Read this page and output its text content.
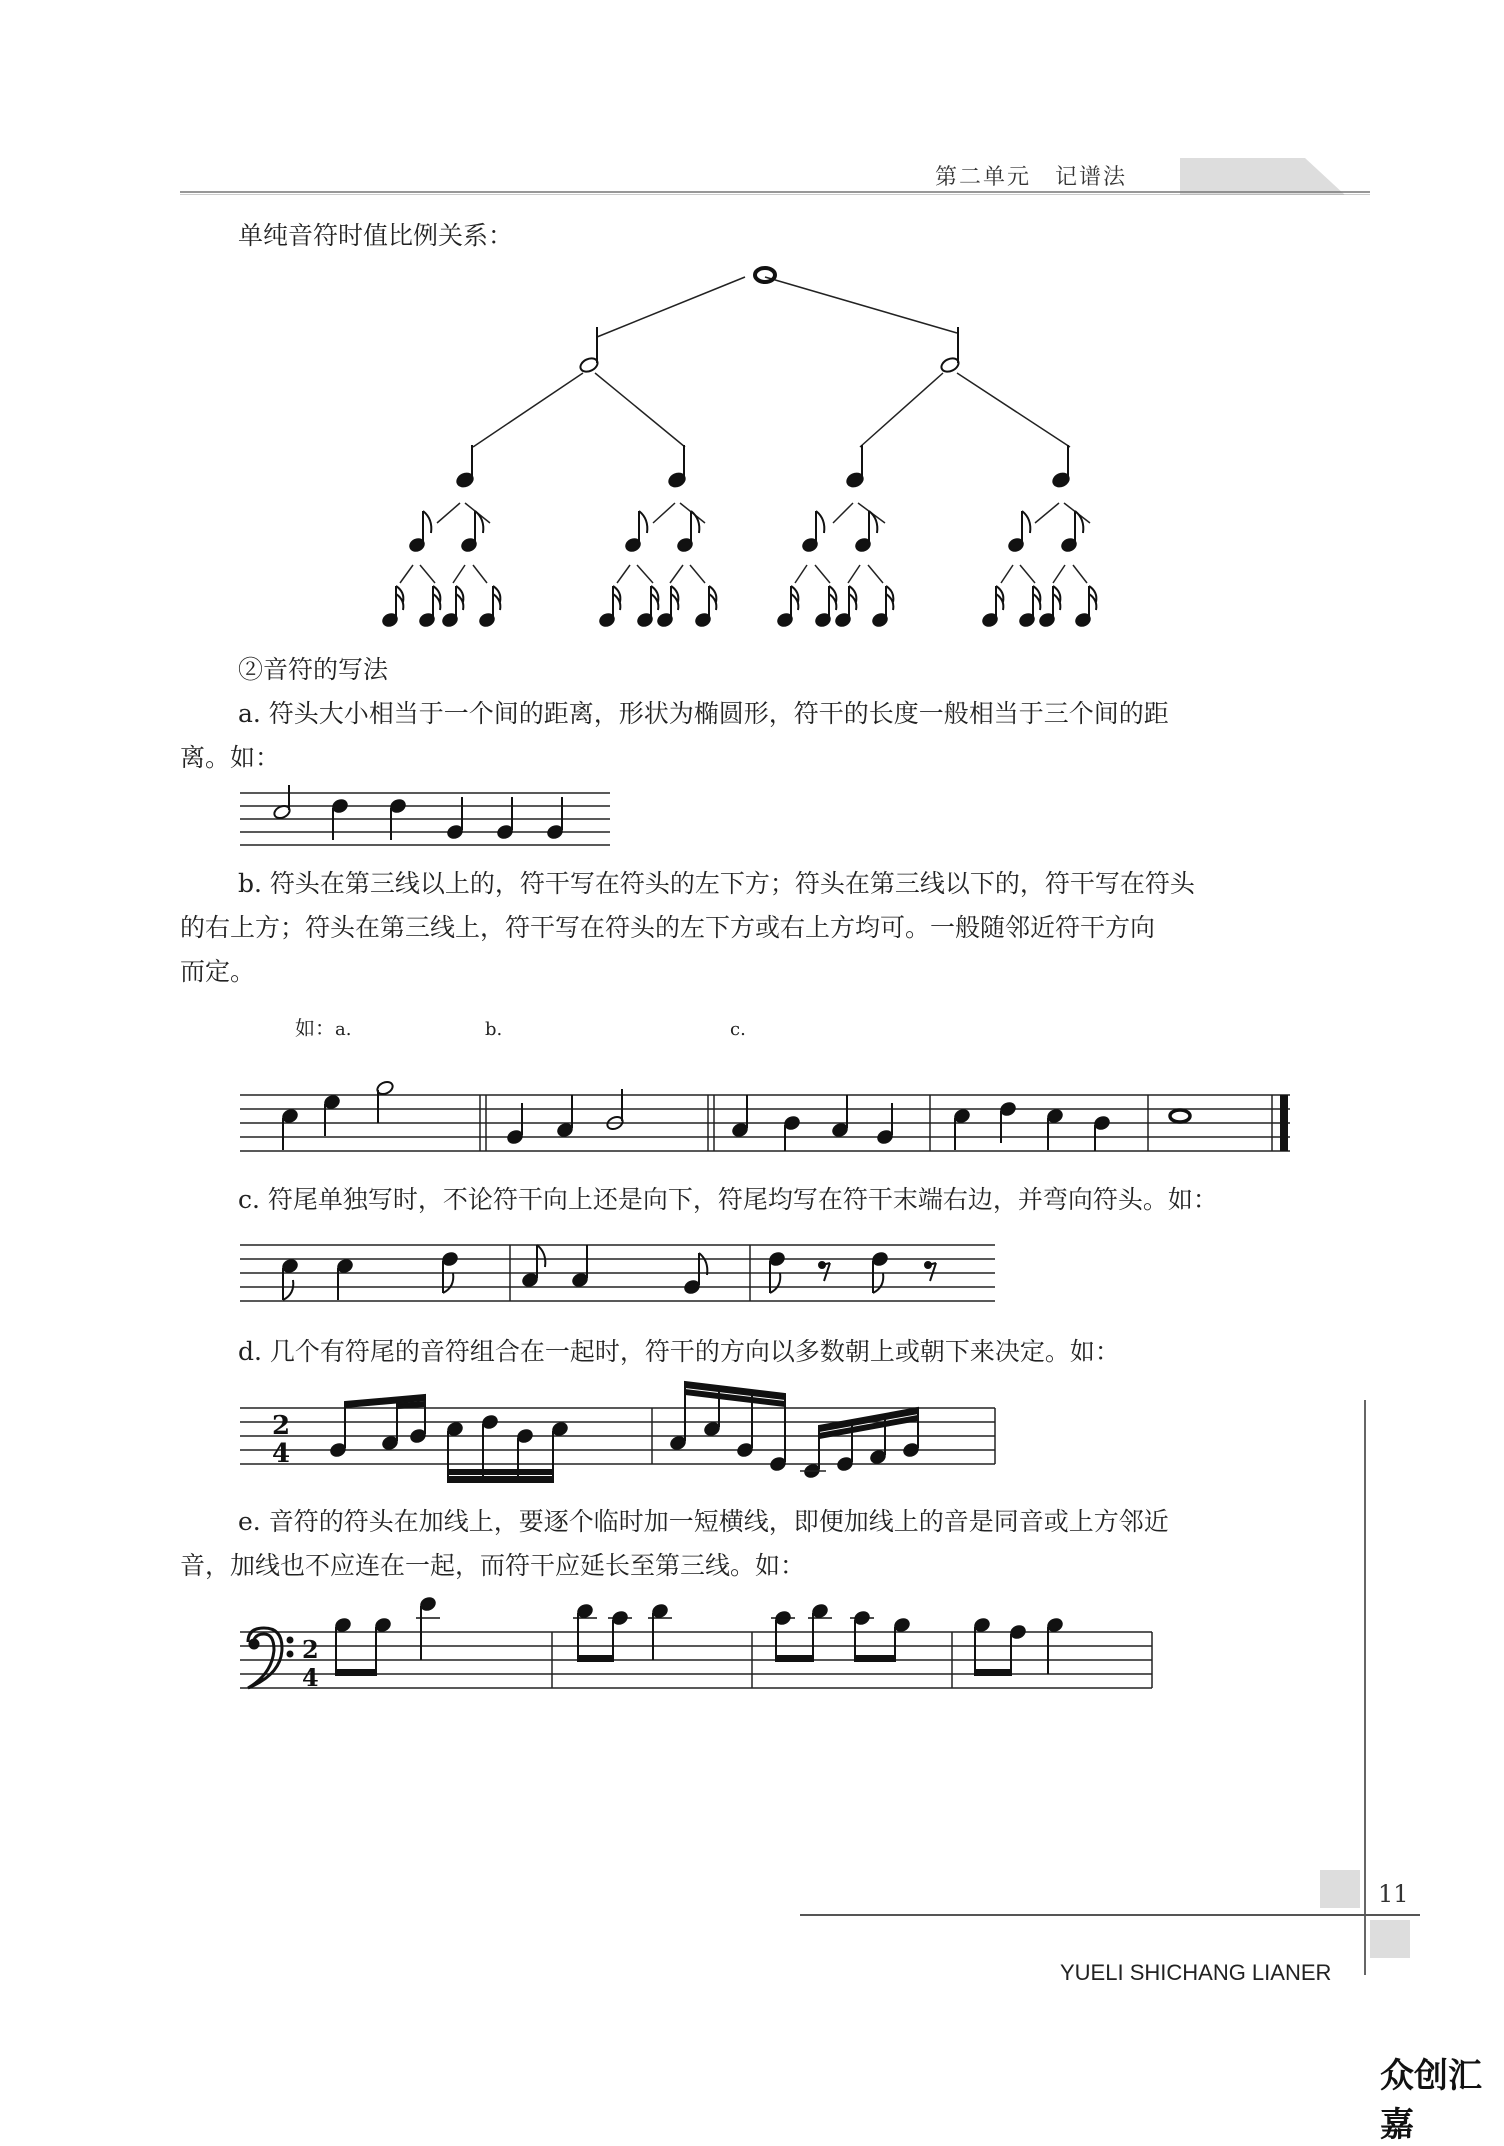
第二单元　记谱法
单纯音符时值比例关系：
②音符的写法
a. 符头大小相当于一个间的距离，形状为椭圆形，符干的长度一般相当于三个间的距
离。如：
b. 符头在第三线以上的，符干写在符头的左下方；符头在第三线以下的，符干写在符头
的右上方；符头在第三线上，符干写在符头的左下方或右上方均可。一般随邻近符干方向
而定。
如： a.	b.	c.
c. 符尾单独写时，不论符干向上还是向下，符尾均写在符干末端右边，并弯向符头。如：
d. 几个有符尾的音符组合在一起时，符干的方向以多数朝上或朝下来决定。如：
2
4
e. 音符的符头在加线上，要逐个临时加一短横线，即便加线上的音是同音或上方邻近
音，加线也不应连在一起，而符干应延长至第三线。如：
2
4
11
YUELI SHICHANG LIANER
众创汇嘉
